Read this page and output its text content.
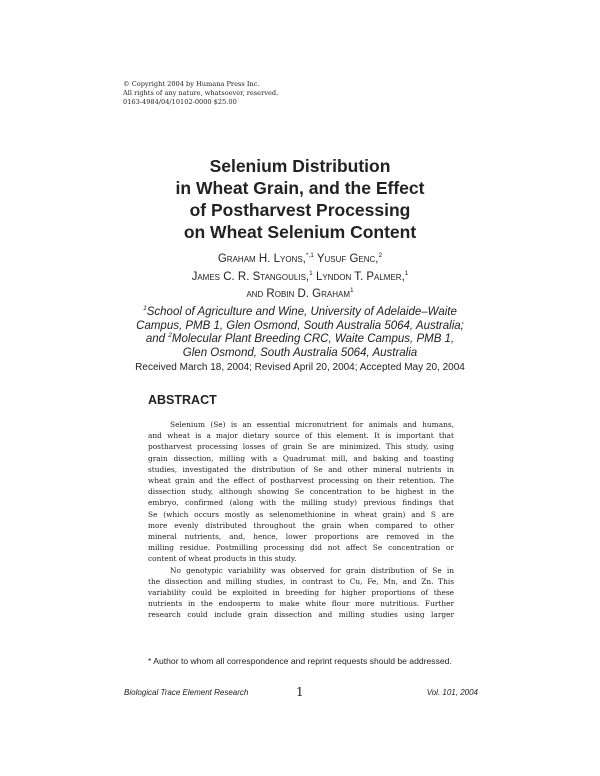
© Copyright 2004 by Humana Press Inc.
All rights of any nature, whatsoever, reserved.
0163-4984/04/10102-0000 $25.00
Selenium Distribution
in Wheat Grain, and the Effect
of Postharvest Processing
on Wheat Selenium Content
Graham H. Lyons,$^{*,1}$ Yusuf Genc,$^2$
James C. R. Stangoulis,$^1$ Lyndon T. Palmer,$^1$
and Robin D. Graham$^1$
$^1$School of Agriculture and Wine, University of Adelaide–Waite
Campus, PMB 1, Glen Osmond, South Australia 5064, Australia;
and $^2$Molecular Plant Breeding CRC, Waite Campus, PMB 1,
Glen Osmond, South Australia 5064, Australia
Received March 18, 2004; Revised April 20, 2004; Accepted May 20, 2004
ABSTRACT
Selenium (Se) is an essential micronutrient for animals and humans,
and wheat is a major dietary source of this element. It is important that
postharvest processing losses of grain Se are minimized. This study, using
grain dissection, milling with a Quadrumat mill, and baking and toasting
studies, investigated the distribution of Se and other mineral nutrients in
wheat grain and the effect of postharvest processing on their retention. The
dissection study, although showing Se concentration to be highest in the
embryo, confirmed (along with the milling study) previous findings that
Se (which occurs mostly as selenomethionine in wheat grain) and S are
more evenly distributed throughout the grain when compared to other
mineral nutrients, and, hence, lower proportions are removed in the
milling residue. Postmilling processing did not affect Se concentration or
content of wheat products in this study.
No genotypic variability was observed for grain distribution of Se in
the dissection and milling studies, in contrast to Cu, Fe, Mn, and Zn. This
variability could be exploited in breeding for higher proportions of these
nutrients in the endosperm to make white flour more nutritious. Further
research could include grain dissection and milling studies using larger
* Author to whom all correspondence and reprint requests should be addressed.
Biological Trace Element Research	1	Vol. 101, 2004
